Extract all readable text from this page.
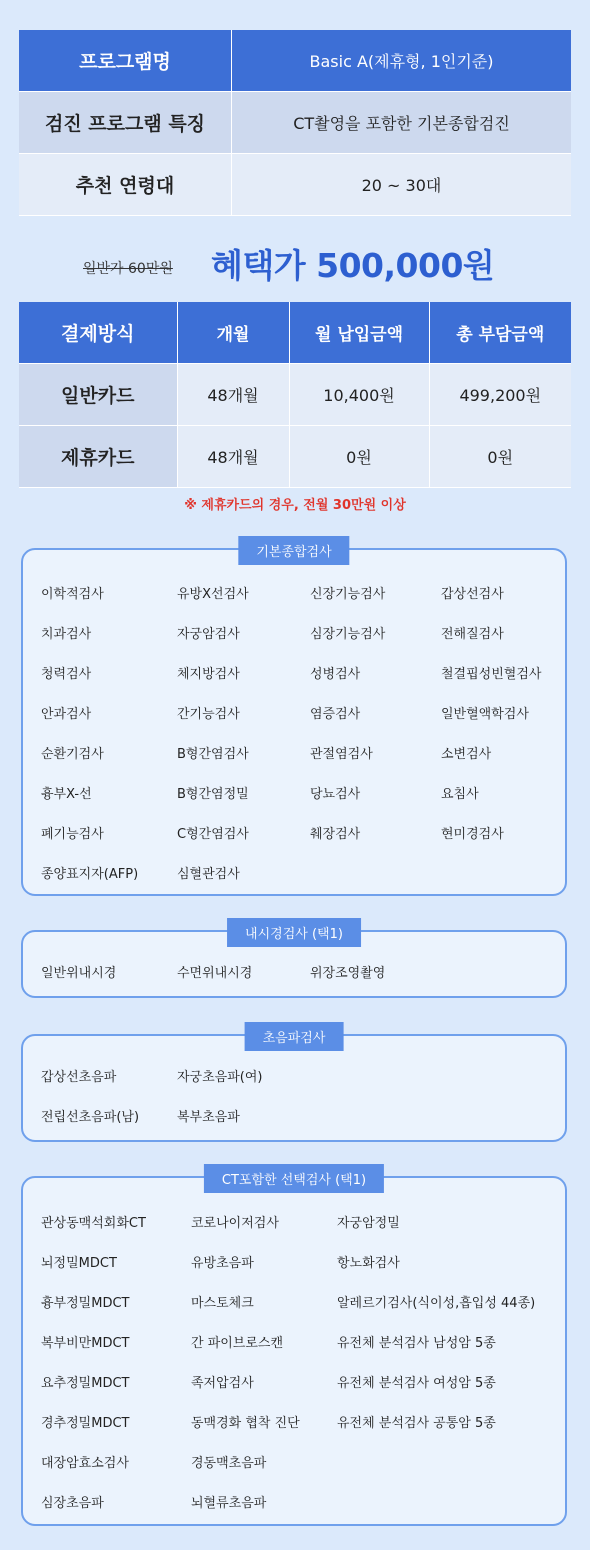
프로그램명	Basic A(제휴형, 1인기준)
검진 프로그램 특징	CT촬영을 포함한 기본종합검진
추천 연령대	20 ~ 30대
일반가 60만원 혜택가 500,000원
결제방식	개월	월 납입금액	총 부담금액
일반카드	48개월	10,400원	499,200원
제휴카드	48개월	0원	0원
※ 제휴카드의 경우, 전월 30만원 이상
기본종합검사
이학적검사	유방X선검사	신장기능검사	갑상선검사
치과검사	자궁암검사	심장기능검사	전해질검사
청력검사	체지방검사	성병검사	철결핍성빈혈검사
안과검사	간기능검사	염증검사	일반혈액학검사
순환기검사	B형간염검사	관절염검사	소변검사
흉부X-선	B형간염정밀	당뇨검사	요침사
폐기능검사	C형간염검사	췌장검사	현미경검사
종양표지자(AFP)	심혈관검사
내시경검사 (택1)
일반위내시경	수면위내시경	위장조영촬영
초음파검사
갑상선초음파	자궁초음파(여)
전립선초음파(남)	복부초음파
CT포함한 선택검사 (택1)
관상동맥석회화CT	코로나이저검사	자궁암정밀
뇌정밀MDCT	유방초음파	항노화검사
흉부정밀MDCT	마스토체크	알레르기검사(식이성,흡입성 44종)
복부비만MDCT	간 파이브로스캔	유전체 분석검사 남성암 5종
요추정밀MDCT	족저압검사	유전체 분석검사 여성암 5종
경추정밀MDCT	동맥경화 협착 진단	유전체 분석검사 공통암 5종
대장암효소검사	경동맥초음파
심장초음파	뇌혈류초음파
